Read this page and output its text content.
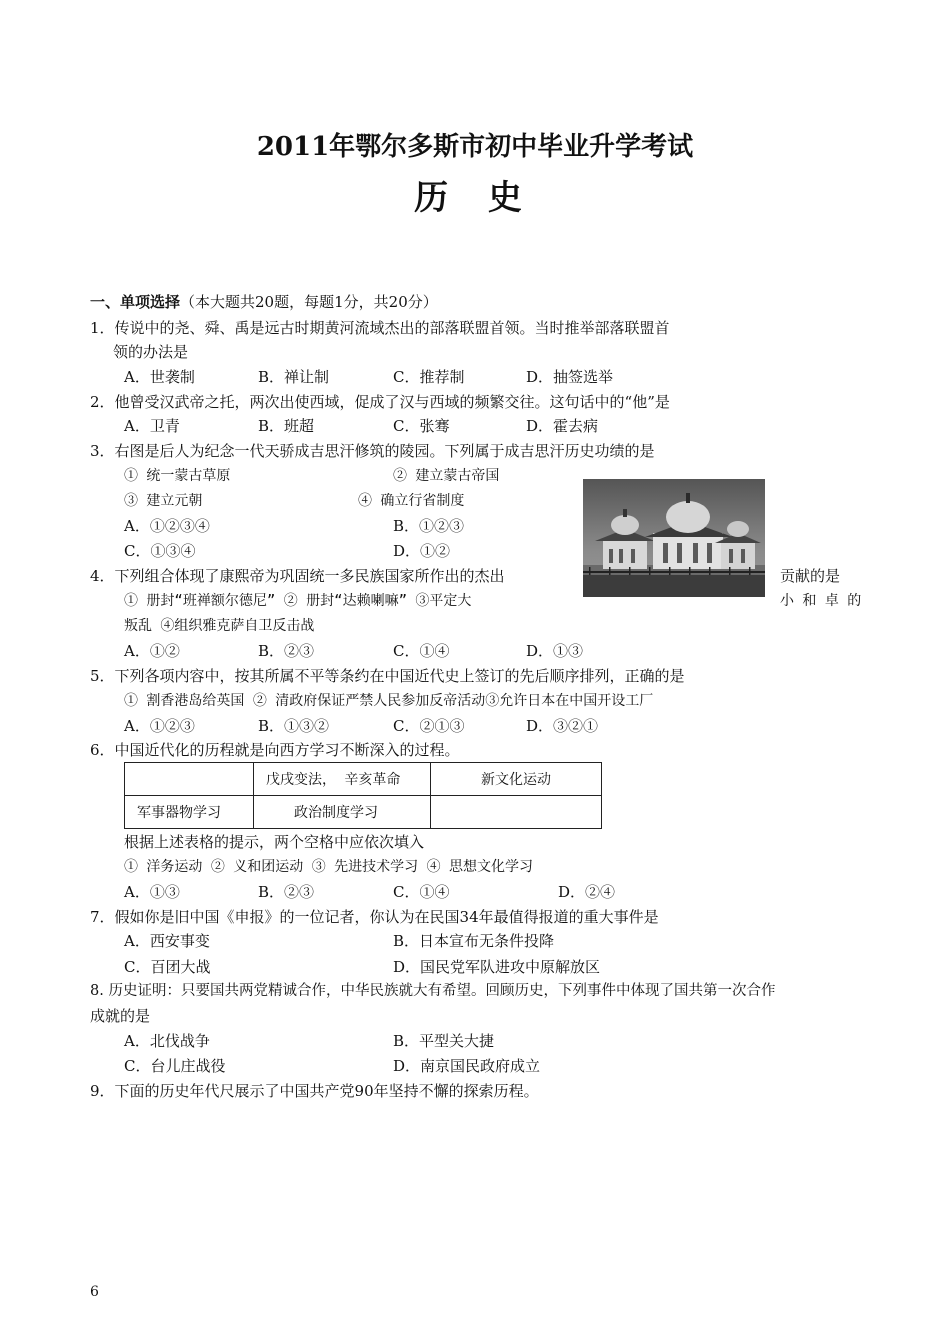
2011年鄂尔多斯市初中毕业升学考试
历 史
一、单项选择（本大题共20题，每题1分，共20分）
1．传说中的尧、舜、禹是远古时期黄河流域杰出的部落联盟首领。当时推举部落联盟首
领的办法是
A．世袭制	B．禅让制	C．推荐制	D．抽签选举
2．他曾受汉武帝之托，两次出使西域，促成了汉与西域的频繁交往。这句话中的“他”是
A．卫青	B．班超	C．张骞	D．霍去病
3．右图是后人为纪念一代天骄成吉思汗修筑的陵园。下列属于成吉思汗历史功绩的是
① 统一蒙古草原	② 建立蒙古帝国
③ 建立元朝	④ 确立行省制度
A．①②③④	B．①②③
C．①③④	D．①②
4．下列组合体现了康熙帝为巩固统一多民族国家所作出的杰出	贡献的是
① 册封“班禅额尔德尼” ② 册封“达赖喇嘛” ③平定大	小 和 卓 的
叛乱 ④组织雅克萨自卫反击战
A．①②	B．②③	C．①④	D．①③
5．下列各项内容中，按其所属不平等条约在中国近代史上签订的先后顺序排列，正确的是
① 割香港岛给英国 ② 清政府保证严禁人民参加反帝活动③允许日本在中国开设工厂
A．①②③	B．①③②	C．②①③	D．③②①
6．中国近代化的历程就是向西方学习不断深入的过程。
	戊戌变法， 辛亥革命	新文化运动
军事器物学习	政治制度学习	
根据上述表格的提示，两个空格中应依次填入
① 洋务运动 ② 义和团运动 ③ 先进技术学习 ④ 思想文化学习
A．①③	B．②③	C．①④	D．②④
7．假如你是旧中国《申报》的一位记者，你认为在民国34年最值得报道的重大事件是
A．西安事变	B．日本宣布无条件投降
C．百团大战	D．国民党军队进攻中原解放区
8. 历史证明：只要国共两党精诚合作，中华民族就大有希望。回顾历史，下列事件中体现了国共第一次合作
成就的是
A．北伐战争	B．平型关大捷
C．台儿庄战役	D．南京国民政府成立
9．下面的历史年代尺展示了中国共产党90年坚持不懈的探索历程。
6
